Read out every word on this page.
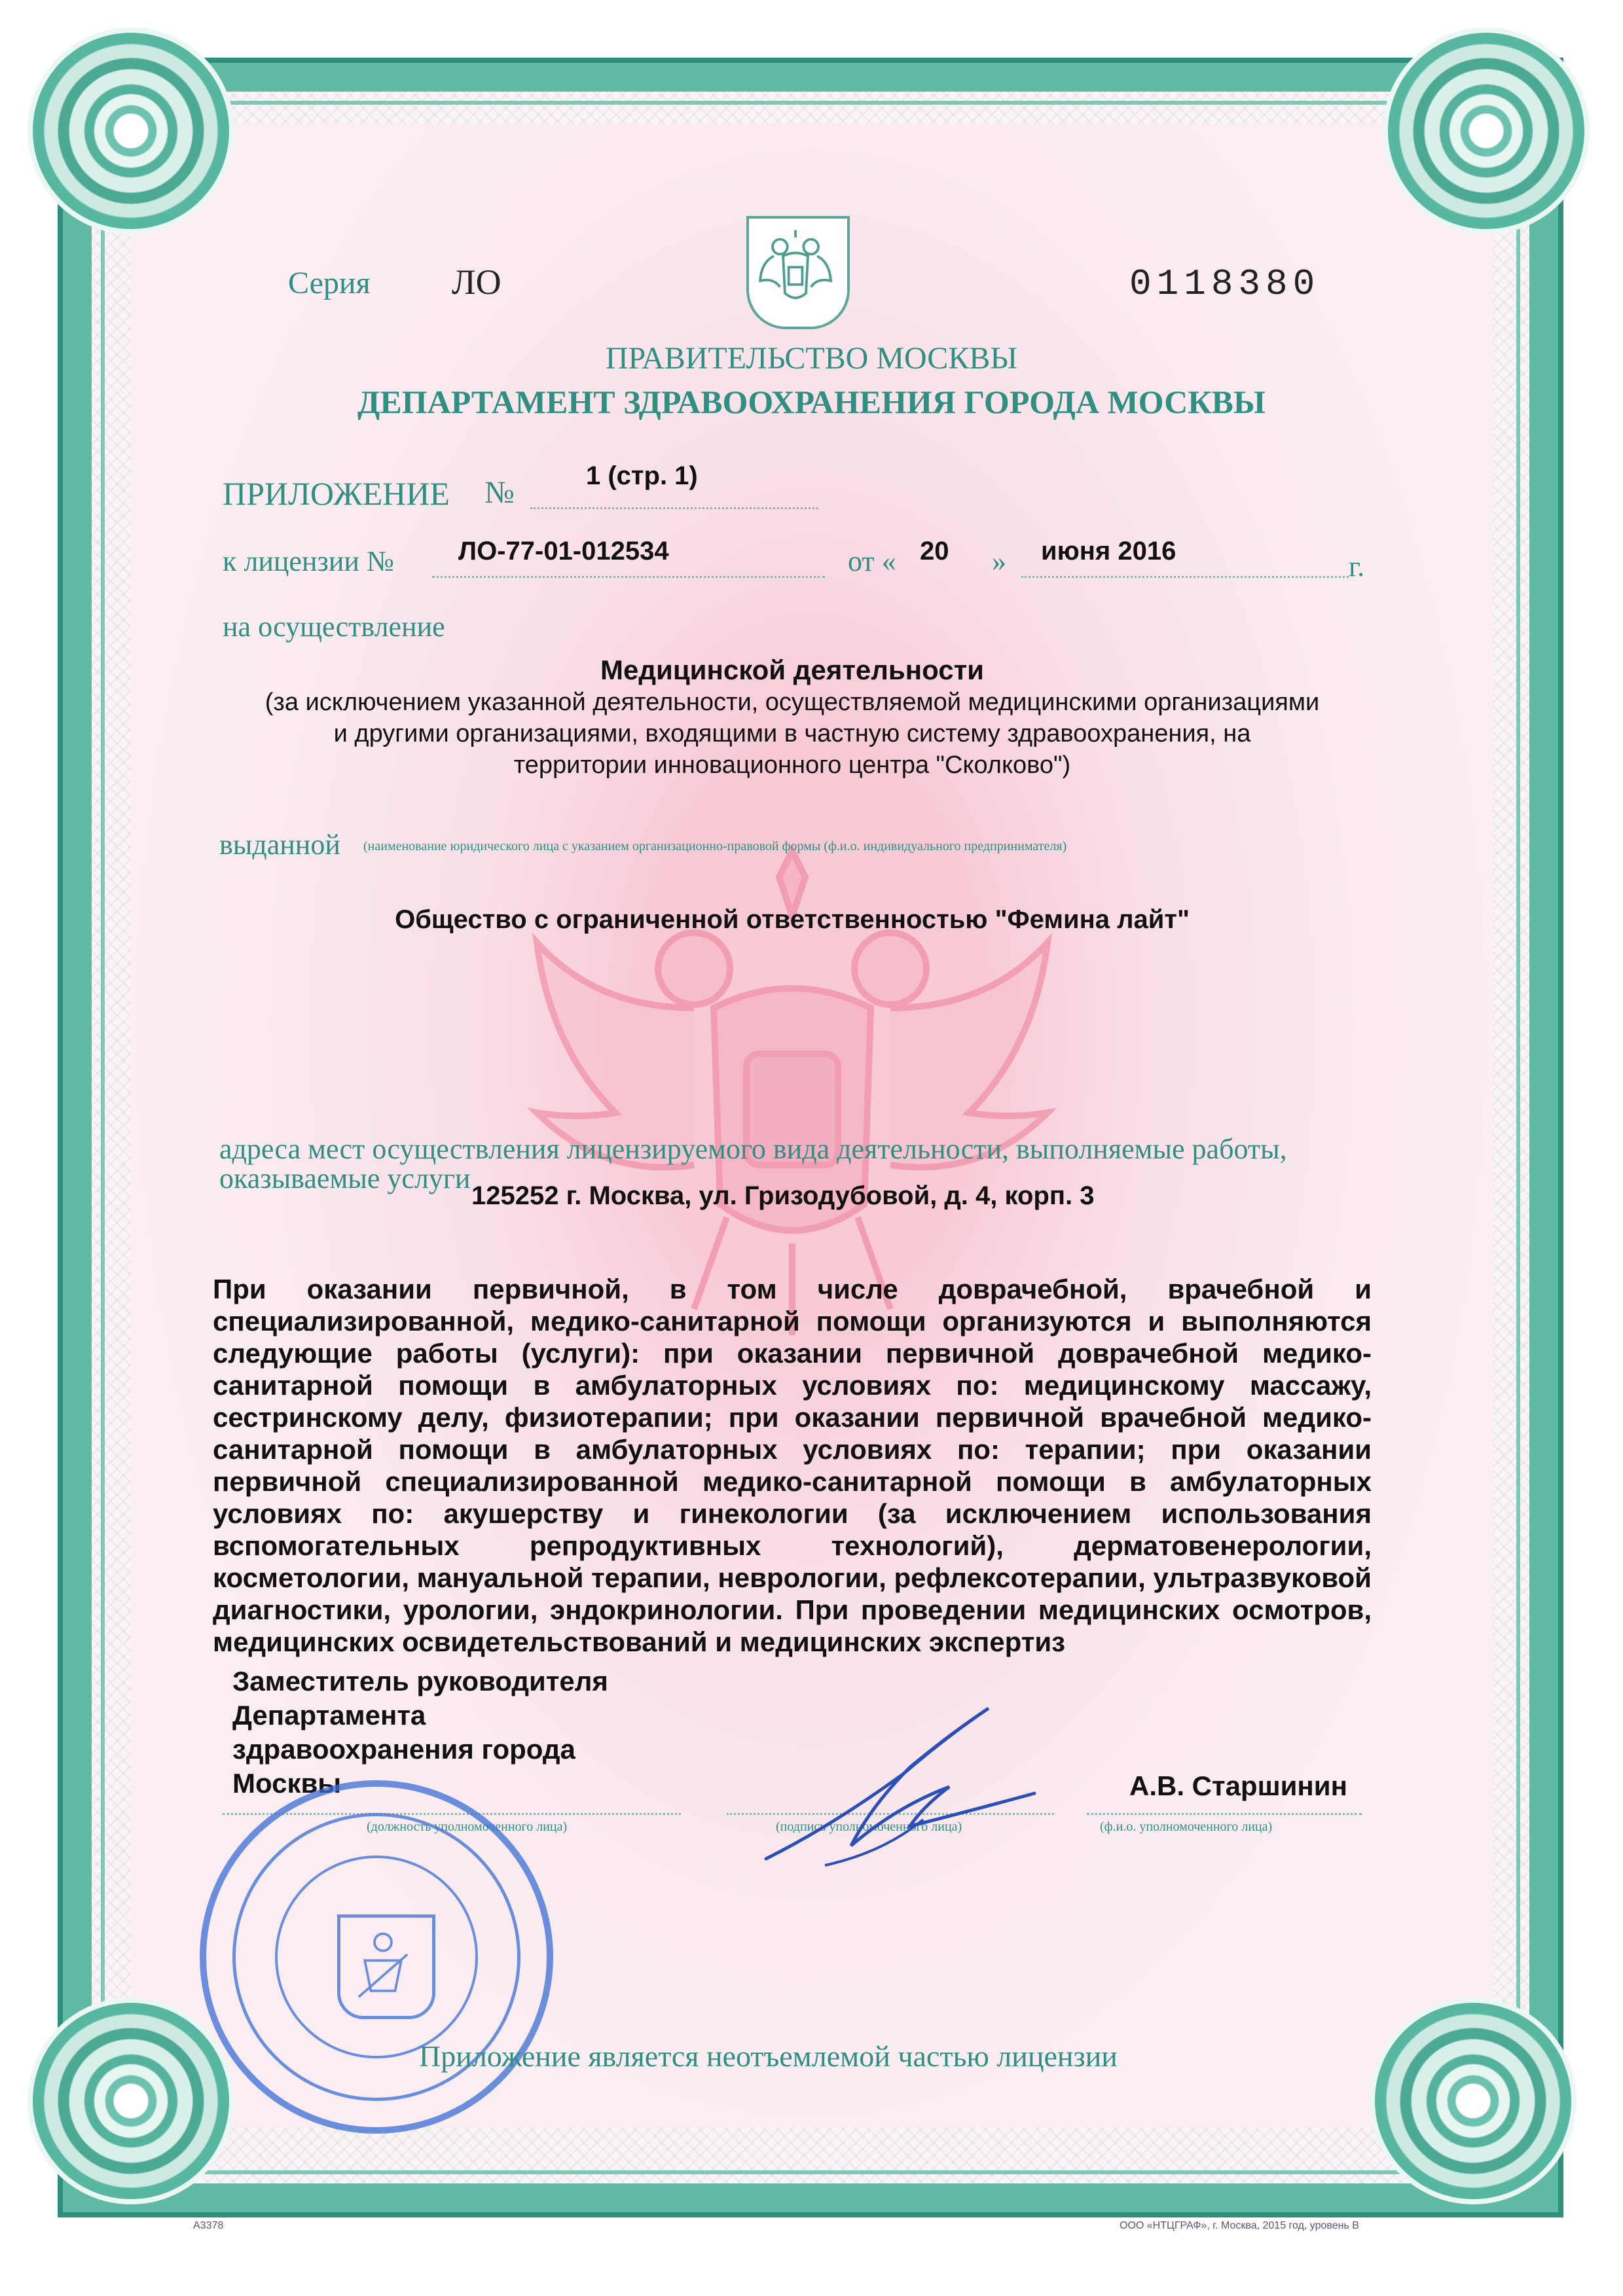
Серия ЛО	0118380
ПРАВИТЕЛЬСТВО МОСКВЫ
ДЕПАРТАМЕНТ ЗДРАВООХРАНЕНИЯ ГОРОДА МОСКВЫ
ПРИЛОЖЕНИЕ №	1 (стр. 1)
к лицензии № ЛО-77-01-012534	от « 20 » июня 2016	г.
на осуществление
Медицинской деятельности
(за исключением указанной деятельности, осуществляемой медицинскими организациями
и другими организациями, входящими в частную систему здравоохранения, на
территории инновационного центра "Сколково")
выданной (наименование юридического лица с указанием организационно-правовой формы (ф.и.о. индивидуального предпринимателя)
Общество с ограниченной ответственностью "Фемина лайт"
адреса мест осуществления лицензируемого вида деятельности, выполняемые работы,
оказываемые услуги
125252 г. Москва, ул. Гризодубовой, д. 4, корп. 3
При оказании первичной, в том числе доврачебной, врачебной и специализированной, медико-санитарной помощи организуются и выполняются следующие работы (услуги): при оказании первичной доврачебной медико-санитарной помощи в амбулаторных условиях по: медицинскому массажу, сестринскому делу, физиотерапии; при оказании первичной врачебной медико-санитарной помощи в амбулаторных условиях по: терапии; при оказании первичной специализированной медико-санитарной помощи в амбулаторных условиях по: акушерству и гинекологии (за исключением использования вспомогательных репродуктивных технологий), дерматовенерологии, косметологии, мануальной терапии, неврологии, рефлексотерапии, ультразвуковой диагностики, урологии, эндокринологии. При проведении медицинских осмотров, медицинских освидетельствований и медицинских экспертиз
Заместитель руководителя
Департамента
здравоохранения города
Москвы	А.В. Старшинин
(должность уполномоченного лица)	(подпись уполномоченного лица)	(ф.и.о. уполномоченного лица)
Приложение является неотъемлемой частью лицензии
A3378	ООО «НТЦГРАФ», г. Москва, 2015 год, уровень В
